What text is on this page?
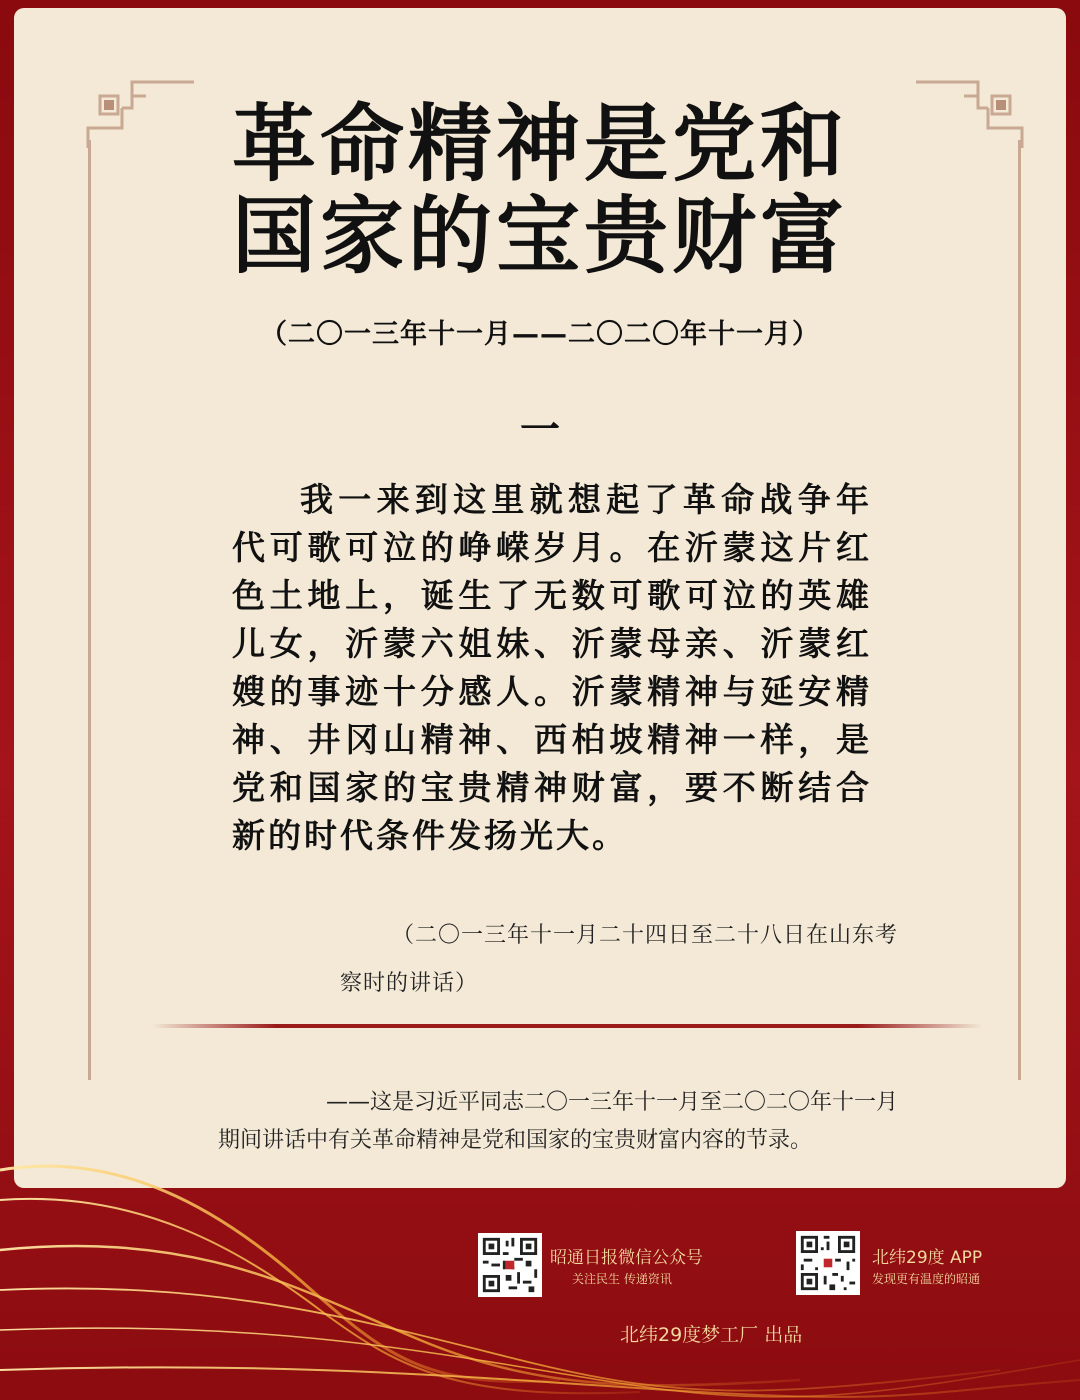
革命精神是党和
国家的宝贵财富
（二〇一三年十一月——二〇二〇年十一月）
一
我一来到这里就想起了革命战争年代可歌可泣的峥嵘岁月。在沂蒙这片红色土地上，诞生了无数可歌可泣的英雄儿女，沂蒙六姐妹、沂蒙母亲、沂蒙红嫂的事迹十分感人。沂蒙精神与延安精神、井冈山精神、西柏坡精神一样，是党和国家的宝贵精神财富，要不断结合新的时代条件发扬光大。
（二〇一三年十一月二十四日至二十八日在山东考察时的讲话）
——这是习近平同志二〇一三年十一月至二〇二〇年十一月期间讲话中有关革命精神是党和国家的宝贵财富内容的节录。
昭通日报微信公众号
关注民生 传递资讯
北纬29度 APP
发现更有温度的昭通
北纬29度梦工厂 出品
